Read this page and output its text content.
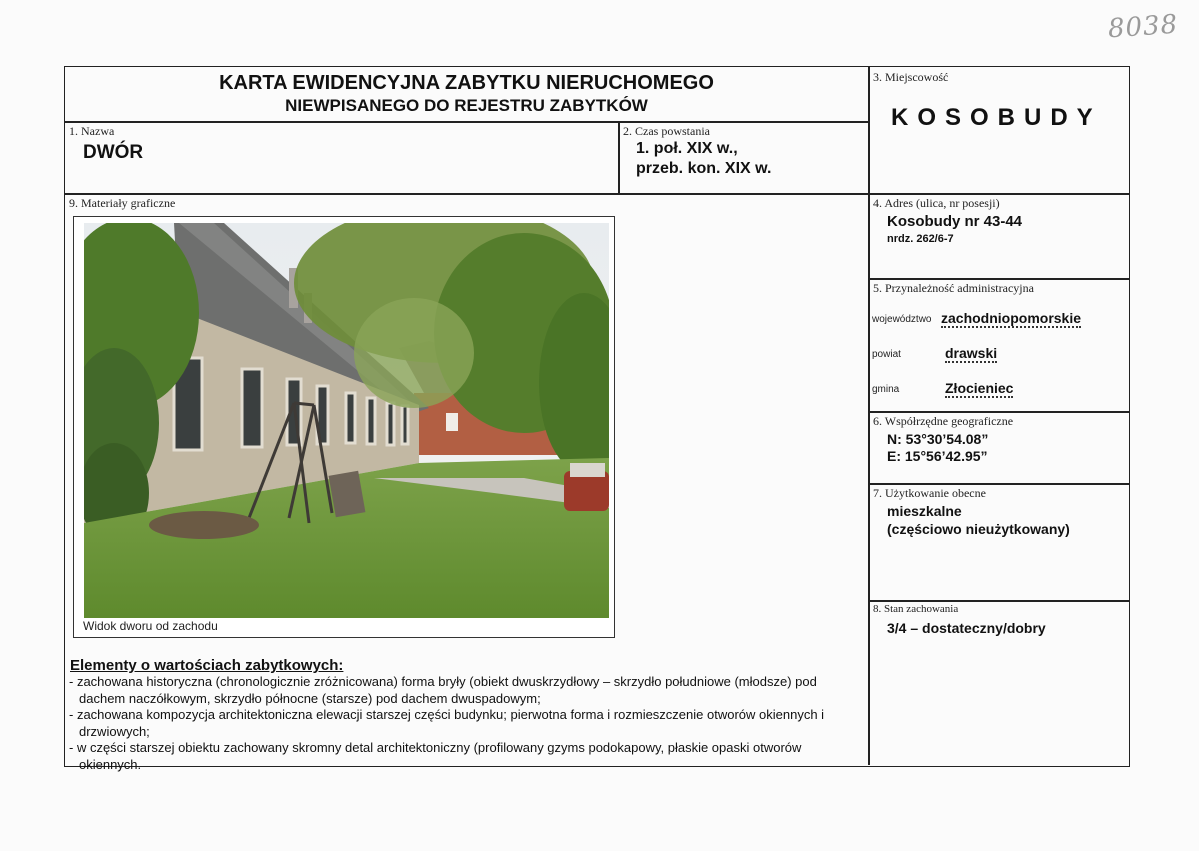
8038
KARTA EWIDENCYJNA ZABYTKU NIERUCHOMEGO
NIEWPISANEGO DO REJESTRU ZABYTKÓW
1. Nazwa
DWÓR
2. Czas powstania
1. poł. XIX w.,
przeb. kon. XIX w.
3. Miejscowość
KOSOBUDY
4. Adres (ulica, nr posesji)
Kosobudy nr 43-44
nrdz. 262/6-7
5. Przynależność administracyjna
województwo zachodniopomorskie
powiat	drawski
gmina	Złocieniec
6. Współrzędne geograficzne
N: 53°30’54.08”
E: 15°56’42.95”
7. Użytkowanie obecne
mieszkalne
(częściowo nieużytkowany)
8. Stan zachowania
3/4 – dostateczny/dobry
9. Materiały graficzne
Widok dworu od zachodu
Elementy o wartościach zabytkowych:
- zachowana historyczna (chronologicznie zróżnicowana) forma bryły (obiekt dwuskrzydłowy – skrzydło południowe (młodsze) pod dachem naczółkowym, skrzydło północne (starsze) pod dachem dwuspadowym;
- zachowana kompozycja architektoniczna elewacji starszej części budynku; pierwotna forma i rozmieszczenie otworów okiennych i drzwiowych;
- w części starszej obiektu zachowany skromny detal architektoniczny (profilowany gzyms podokapowy, płaskie opaski otworów okiennych.
